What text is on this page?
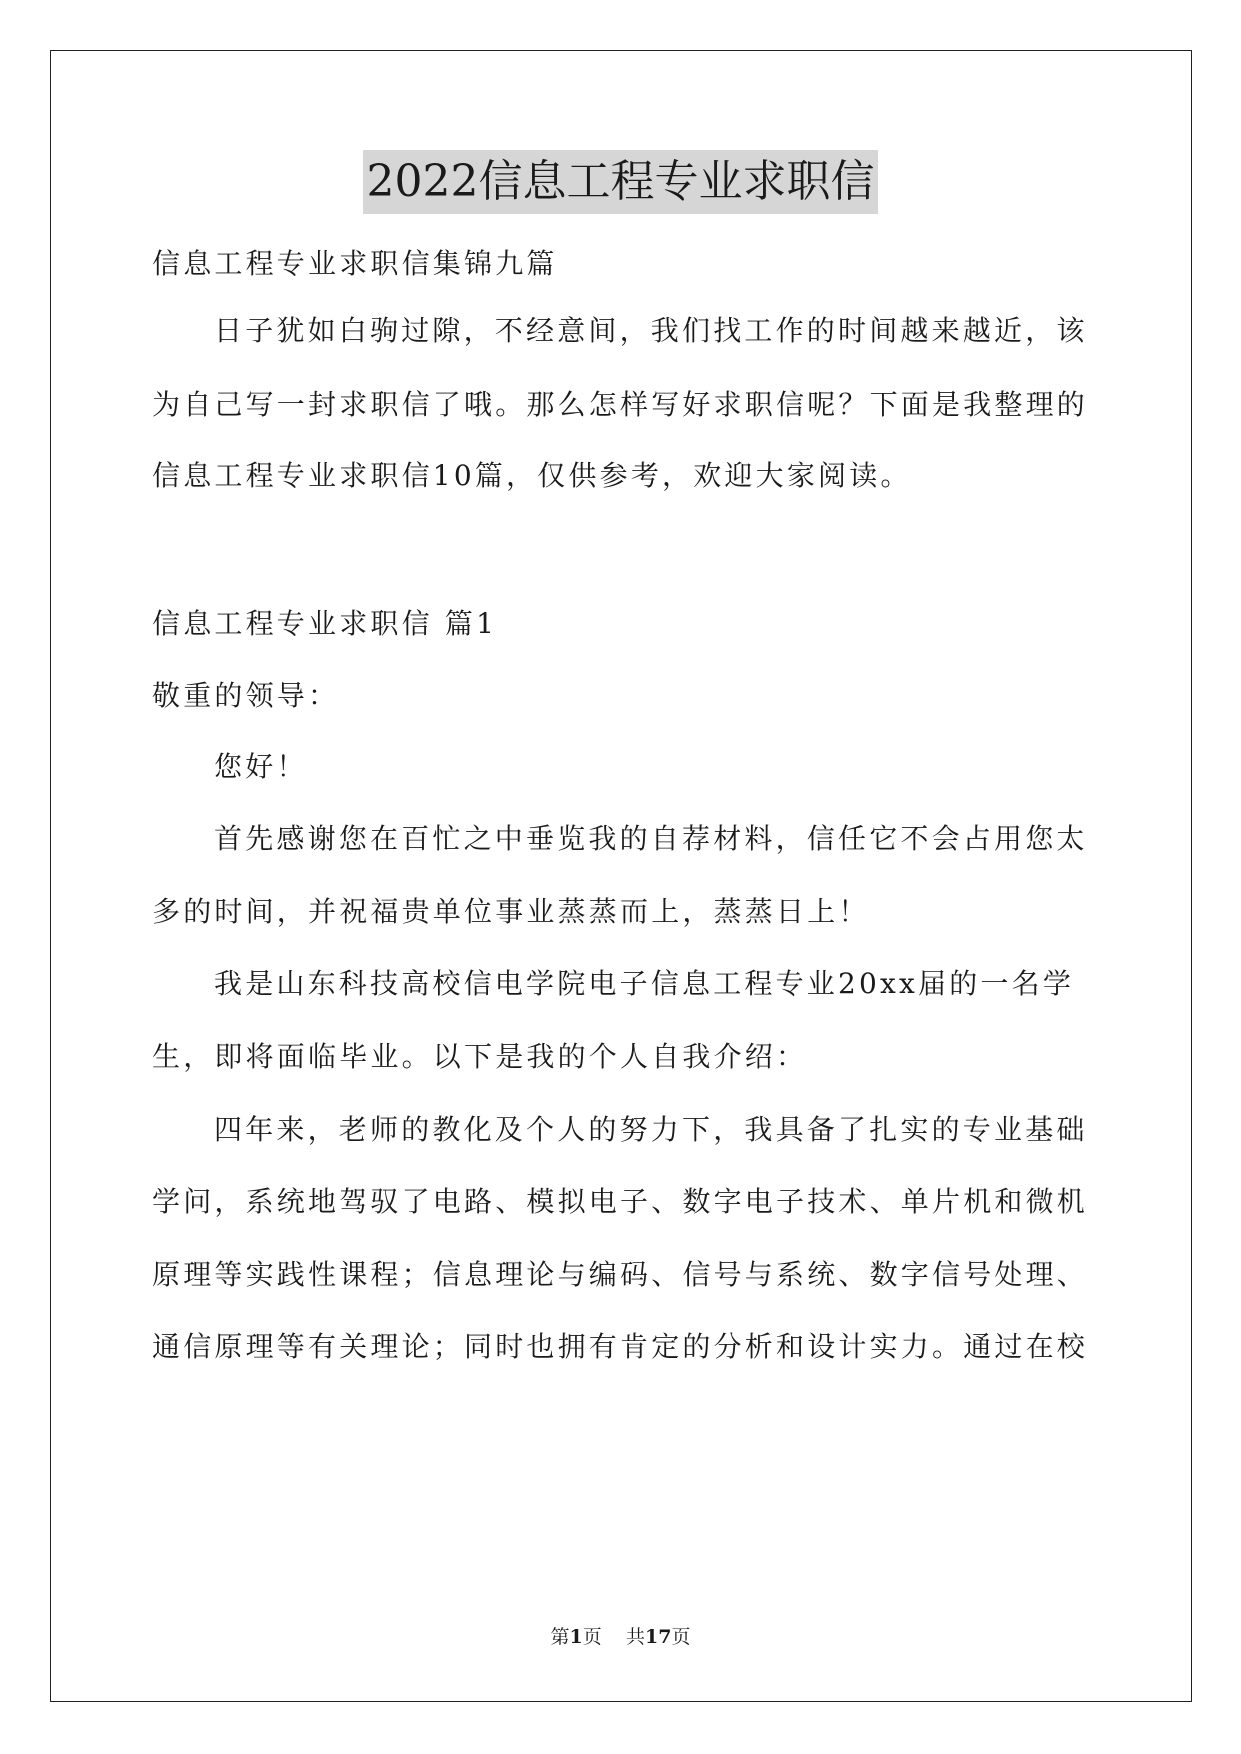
2022信息工程专业求职信
信息工程专业求职信集锦九篇
日子犹如白驹过隙，不经意间，我们找工作的时间越来越近，该
为自己写一封求职信了哦。那么怎样写好求职信呢？下面是我整理的
信息工程专业求职信10篇，仅供参考，欢迎大家阅读。
信息工程专业求职信 篇1
敬重的领导：
您好！
首先感谢您在百忙之中垂览我的自荐材料，信任它不会占用您太
多的时间，并祝福贵单位事业蒸蒸而上，蒸蒸日上！
我是山东科技高校信电学院电子信息工程专业20xx届的一名学
生，即将面临毕业。以下是我的个人自我介绍：
四年来，老师的教化及个人的努力下，我具备了扎实的专业基础
学问，系统地驾驭了电路、模拟电子、数字电子技术、单片机和微机
原理等实践性课程；信息理论与编码、信号与系统、数字信号处理、
通信原理等有关理论；同时也拥有肯定的分析和设计实力。通过在校
第1页 共17页
